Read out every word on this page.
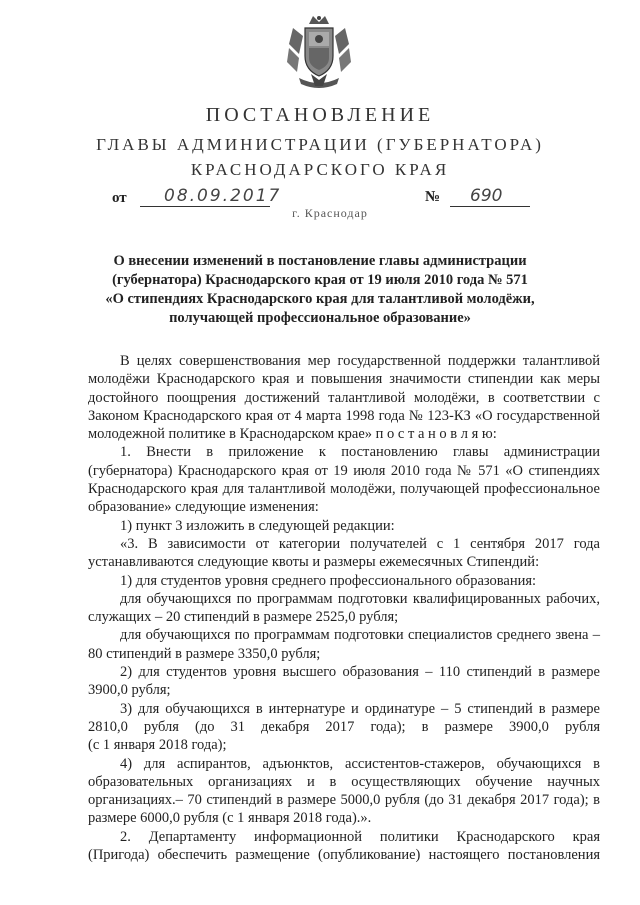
ПОСТАНОВЛЕНИЕ
ГЛАВЫ АДМИНИСТРАЦИИ (ГУБЕРНАТОРА)
КРАСНОДАРСКОГО КРАЯ
от 08.09.2017	№ 690
г. Краснодар
О внесении изменений в постановление главы администрации
(губернатора) Краснодарского края от 19 июля 2010 года № 571
«О стипендиях Краснодарского края для талантливой молодёжи,
получающей профессиональное образование»
В целях совершенствования мер государственной поддержки талантливой
молодёжи Краснодарского края и повышения значимости стипендии как меры
достойного поощрения достижений талантливой молодёжи, в соответствии с
Законом Краснодарского края от 4 марта 1998 года № 123-КЗ «О государственной
молодежной политике в Краснодарском крае» п о с т а н о в л я ю:
1. Внести в приложение к постановлению главы администрации
(губернатора) Краснодарского края от 19 июля 2010 года № 571 «О стипендиях
Краснодарского края для талантливой молодёжи, получающей профессиональное
образование» следующие изменения:
1) пункт 3 изложить в следующей редакции:
«3. В зависимости от категории получателей с 1 сентября 2017 года
устанавливаются следующие квоты и размеры ежемесячных Стипендий:
1) для студентов уровня среднего профессионального образования:
для обучающихся по программам подготовки квалифицированных рабочих,
служащих – 20 стипендий в размере 2525,0 рубля;
для обучающихся по программам подготовки специалистов среднего звена –
80 стипендий в размере 3350,0 рубля;
2) для студентов уровня высшего образования – 110 стипендий в размере
3900,0 рубля;
3) для обучающихся в интернатуре и ординатуре – 5 стипендий в размере
2810,0 рубля (до 31 декабря 2017 года); в размере 3900,0 рубля
(с 1 января 2018 года);
4) для аспирантов, адъюнктов, ассистентов-стажеров, обучающихся в
образовательных организациях и в осуществляющих обучение научных
организациях.– 70 стипендий в размере 5000,0 рубля (до 31 декабря 2017 года); в
размере 6000,0 рубля (с 1 января 2018 года).».
2. Департаменту информационной политики Краснодарского края
(Пригода) обеспечить размещение (опубликование) настоящего постановления
